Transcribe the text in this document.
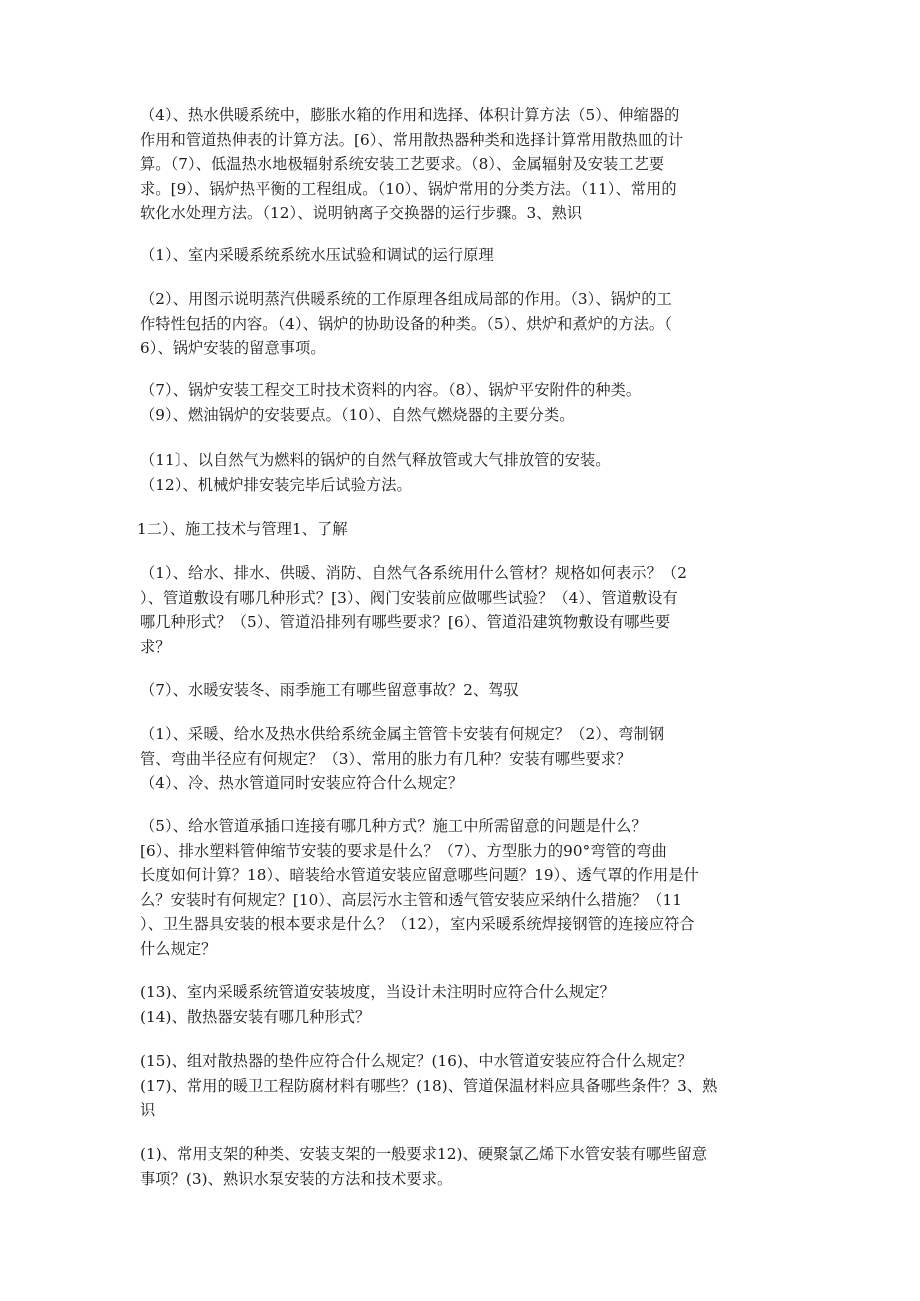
（4）、热水供暖系统中，膨胀水箱的作用和选择、体积计算方法（5）、伸缩器的
作用和管道热伸表的计算方法。[6）、常用散热器种类和选择计算常用散热皿的计
算。（7）、低温热水地极辐射系统安装工艺要求。（8）、金属辐射及安装工艺要
求。[9）、锅炉热平衡的工程组成。（10）、锅炉常用的分类方法。（11）、常用的
软化水处理方法。（12）、说明钠离子交换器的运行步骤。3、熟识
（1）、室内采暖系统系统水压试验和调试的运行原理
（2）、用图示说明蒸汽供暖系统的工作原理各组成局部的作用。（3）、锅炉的工
作特性包括的内容。（4）、锅炉的协助设备的种类。（5）、烘炉和煮炉的方法。（
6）、锅炉安装的留意事项。
（7）、锅炉安装工程交工时技术资料的内容。（8）、锅炉平安附件的种类。
（9）、燃油锅炉的安装要点。（10）、自然气燃烧器的主要分类。
（11〕、以自然气为燃料的锅炉的自然气释放管或大气排放管的安装。
（12）、机械炉排安装完毕后试验方法。
1二）、施工技术与管理1、了解
（1）、给水、排水、供暖、消防、自然气各系统用什么管材？规格如何表示？（2
）、管道敷设有哪几种形式？[3）、阀门安装前应做哪些试验？（4）、管道敷设有
哪几种形式？（5）、管道沿排列有哪些要求？[6）、管道沿建筑物敷设有哪些要
求？
（7）、水暖安装冬、雨季施工有哪些留意事故？2、驾驭
（1）、采暖、给水及热水供给系统金属主管管卡安装有何规定？（2）、弯制钢
管、弯曲半径应有何规定？（3）、常用的胀力有几种？安装有哪些要求？
（4）、冷、热水管道同时安装应符合什么规定？
（5）、给水管道承插口连接有哪几种方式？施工中所需留意的问题是什么？
[6）、排水塑料管伸缩节安装的要求是什么？（7）、方型胀力的90°弯管的弯曲
长度如何计算？18）、暗装给水管道安装应留意哪些问题？19）、透气罩的作用是什
么？安装时有何规定？[10）、高层污水主管和透气管安装应采纳什么措施？（11
）、卫生器具安装的根本要求是什么？（12），室内采暖系统焊接钢管的连接应符合
什么规定？
(13)、室内采暖系统管道安装坡度，当设计未注明时应符合什么规定？
(14)、散热器安装有哪几种形式？
(15)、组对散热器的垫件应符合什么规定？(16)、中水管道安装应符合什么规定？
(17)、常用的暖卫工程防腐材料有哪些？(18)、管道保温材料应具备哪些条件？3、熟
识
(1)、常用支架的种类、安装支架的一般要求12)、硬聚氯乙烯下水管安装有哪些留意
事项？(3)、熟识水泵安装的方法和技术要求。
